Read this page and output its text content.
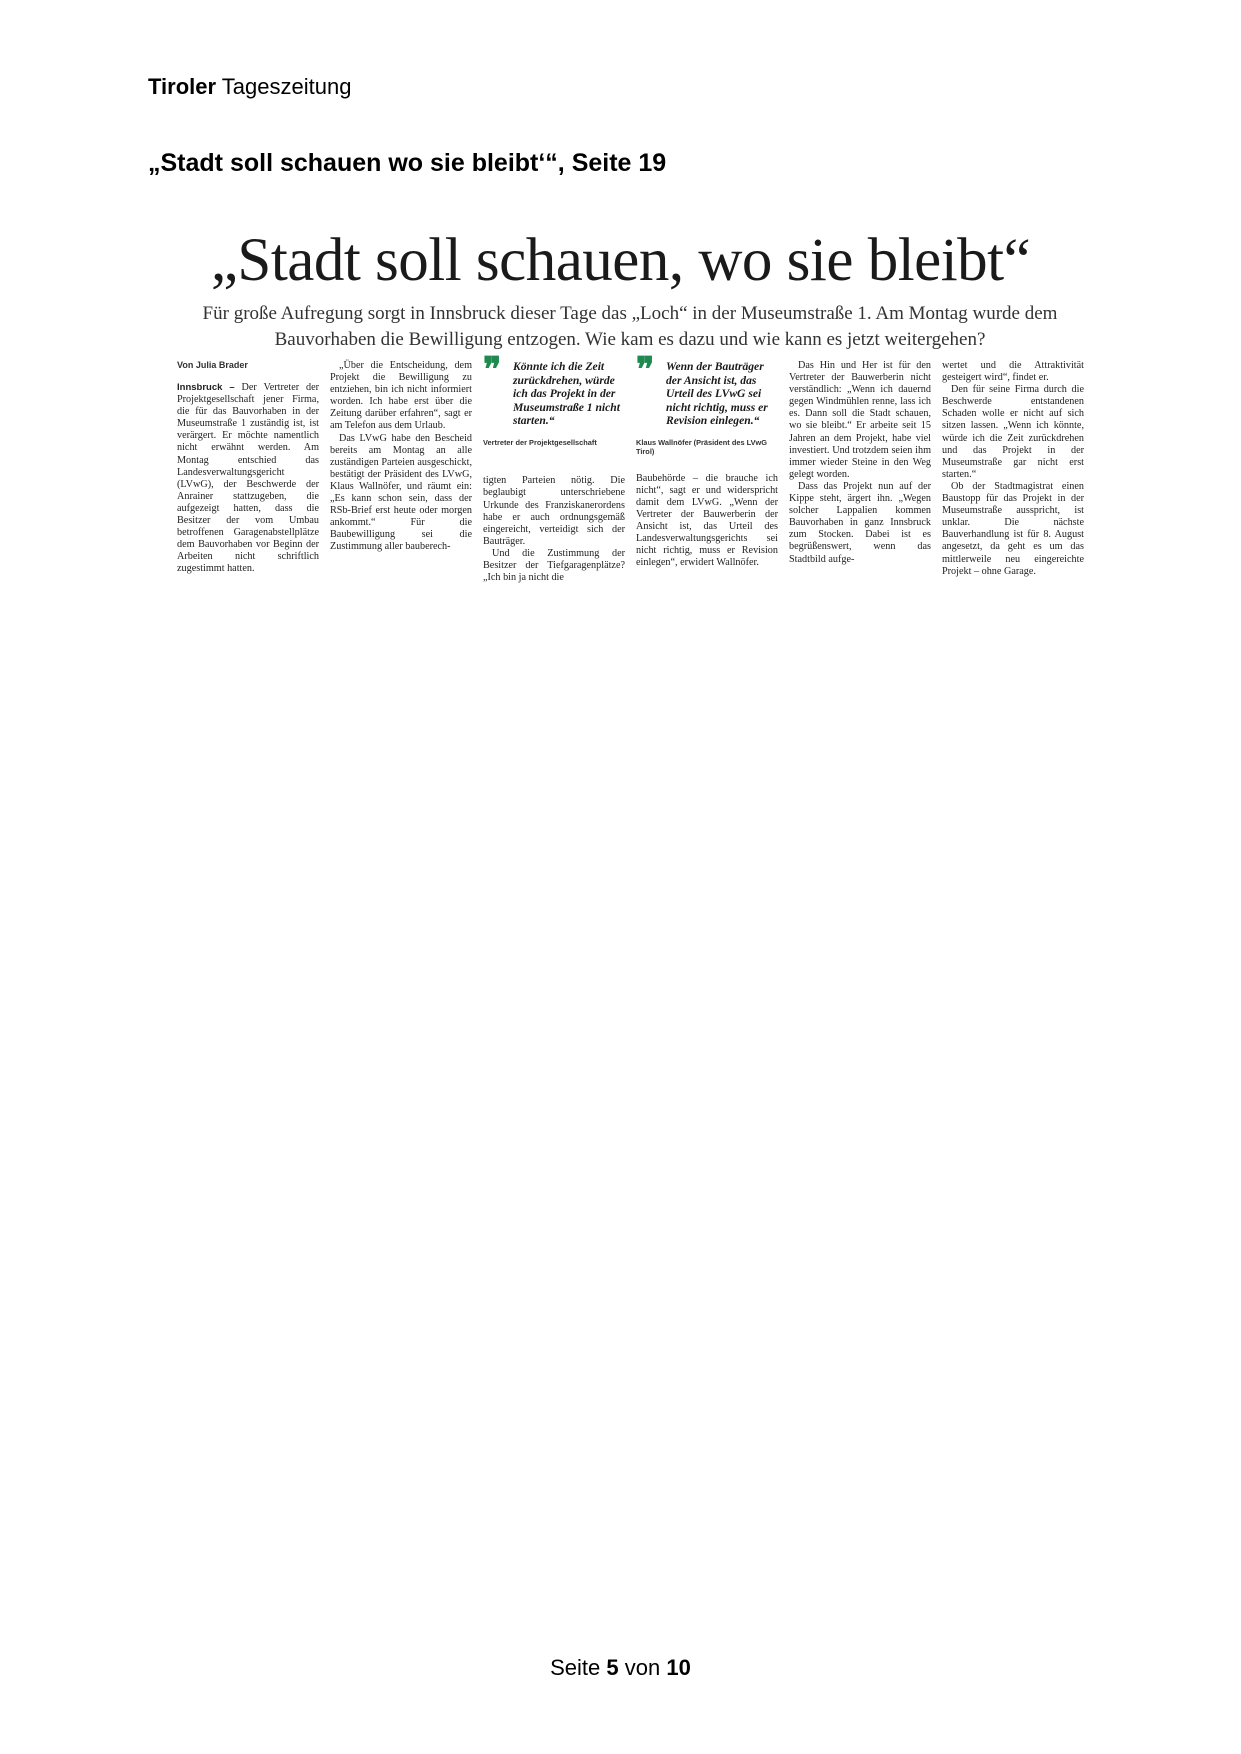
Tiroler Tageszeitung
„Stadt soll schauen wo sie bleibt‘“, Seite 19
„Stadt soll schauen, wo sie bleibt“
Für große Aufregung sorgt in Innsbruck dieser Tage das „Loch“ in der Museumstraße 1. Am Montag wurde dem Bauvorhaben die Bewilligung entzogen. Wie kam es dazu und wie kann es jetzt weitergehen?
Von Julia Brader

Innsbruck – Der Vertreter der Projektgesellschaft jener Firma, die für das Bauvorhaben in der Museumstraße 1 zuständig ist, ist verärgert. Er möchte namentlich nicht erwähnt werden. Am Montag entschied das Landesverwaltungsgericht (LVwG), der Beschwerde der Anrainer stattzugeben, die aufgezeigt hatten, dass die Besitzer der vom Umbau betroffenen Garagenabstellplätze dem Bauvorhaben vor Beginn der Arbeiten nicht schriftlich zugestimmt hatten.

„Über die Entscheidung, dem Projekt die Bewilligung zu entziehen, bin ich nicht informiert worden. Ich habe erst über die Zeitung darüber erfahren“, sagt er am Telefon aus dem Urlaub.

Das LVwG habe den Bescheid bereits am Montag an alle zuständigen Parteien ausgeschickt, bestätigt der Präsident des LVwG, Klaus Wallnöfer, und räumt ein: „Es kann schon sein, dass der RSb-Brief erst heute oder morgen ankommt.“ Für die Baubewilligung sei die Zustimmung aller bauberech-

❞ Könnte ich die Zeit zurückdrehen, würde ich das Projekt in der Museumstraße 1 nicht starten.“
Vertreter der Projektgesellschaft

tigten Parteien nötig. Die beglaubigt unterschriebene Urkunde des Franziskanerordens habe er auch ordnungsgemäß eingereicht, verteidigt sich der Bauträger.

Und die Zustimmung der Besitzer der Tiefgaragenplätze? „Ich bin ja nicht die

❞ Wenn der Bauträger der Ansicht ist, das Urteil des LVwG sei nicht richtig, muss er Revision einlegen.“
Klaus Wallnöfer (Präsident des LVwG Tirol)

Baubehörde – die brauche ich nicht“, sagt er und widerspricht damit dem LVwG. „Wenn der Vertreter der Bauwerberin der Ansicht ist, das Urteil des Landesverwaltungsgerichts sei nicht richtig, muss er Revision einlegen“, erwidert Wallnöfer.

Das Hin und Her ist für den Vertreter der Bauwerberin nicht verständlich: „Wenn ich dauernd gegen Windmühlen renne, lass ich es. Dann soll die Stadt schauen, wo sie bleibt.“ Er arbeite seit 15 Jahren an dem Projekt, habe viel investiert. Und trotzdem seien ihm immer wieder Steine in den Weg gelegt worden.

Dass das Projekt nun auf der Kippe steht, ärgert ihn. „Wegen solcher Lappalien kommen Bauvorhaben in ganz Innsbruck zum Stocken. Dabei ist es begrüßenswert, wenn das Stadtbild aufge-

wertet und die Attraktivität gesteigert wird“, findet er.

Den für seine Firma durch die Beschwerde entstandenen Schaden wolle er nicht auf sich sitzen lassen. „Wenn ich könnte, würde ich die Zeit zurückdrehen und das Projekt in der Museumstraße gar nicht erst starten.“

Ob der Stadtmagistrat einen Baustopp für das Projekt in der Museumstraße ausspricht, ist unklar. Die nächste Bauverhandlung ist für 8. August angesetzt, da geht es um das mittlerweile neu eingereichte Projekt – ohne Garage.

Seite 5 von 10
